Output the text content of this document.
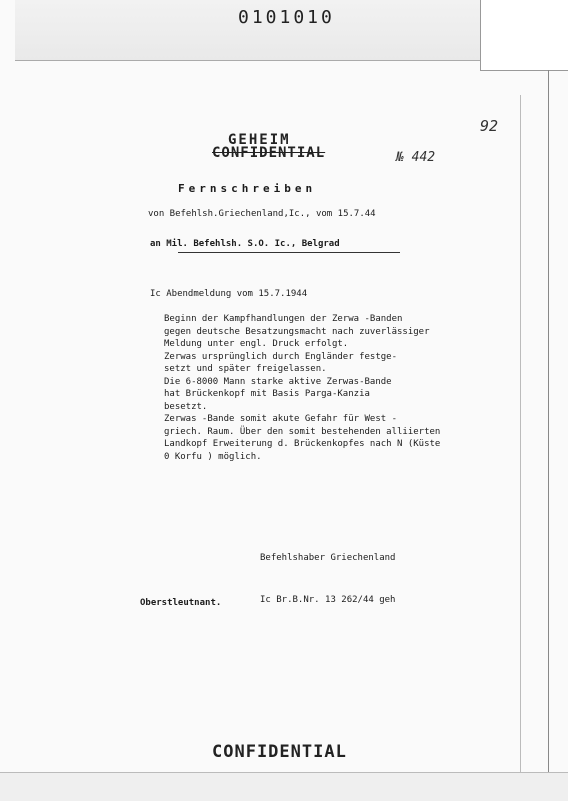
0101010
92
GEHEIM
CONFIDENTIAL	№ 442
Fernschreiben
von Befehlsh.Griechenland,Ic., vom 15.7.44
an Mil. Befehlsh. S.O. Ic., Belgrad
Ic Abendmeldung vom 15.7.1944
Beginn der Kampfhandlungen der Zerwa -Banden
gegen deutsche Besatzungsmacht nach zuverlässiger
Meldung unter engl. Druck erfolgt.
Zerwas ursprünglich durch Engländer festge-
setzt und später freigelassen.
Die 6-8000 Mann starke aktive Zerwas-Bande
hat Brückenkopf mit Basis Parga-Kanzia
besetzt.
Zerwas -Bande somit akute Gefahr für West -
griech. Raum. Über den somit bestehenden alliierten
Landkopf Erweiterung d. Brückenkopfes nach N (Küste
0 Korfu ) möglich.

Befehlshaber Griechenland

Ic Br.B.Nr. 13 262/44 geh

Oberstleutnant.
CONFIDENTIAL
